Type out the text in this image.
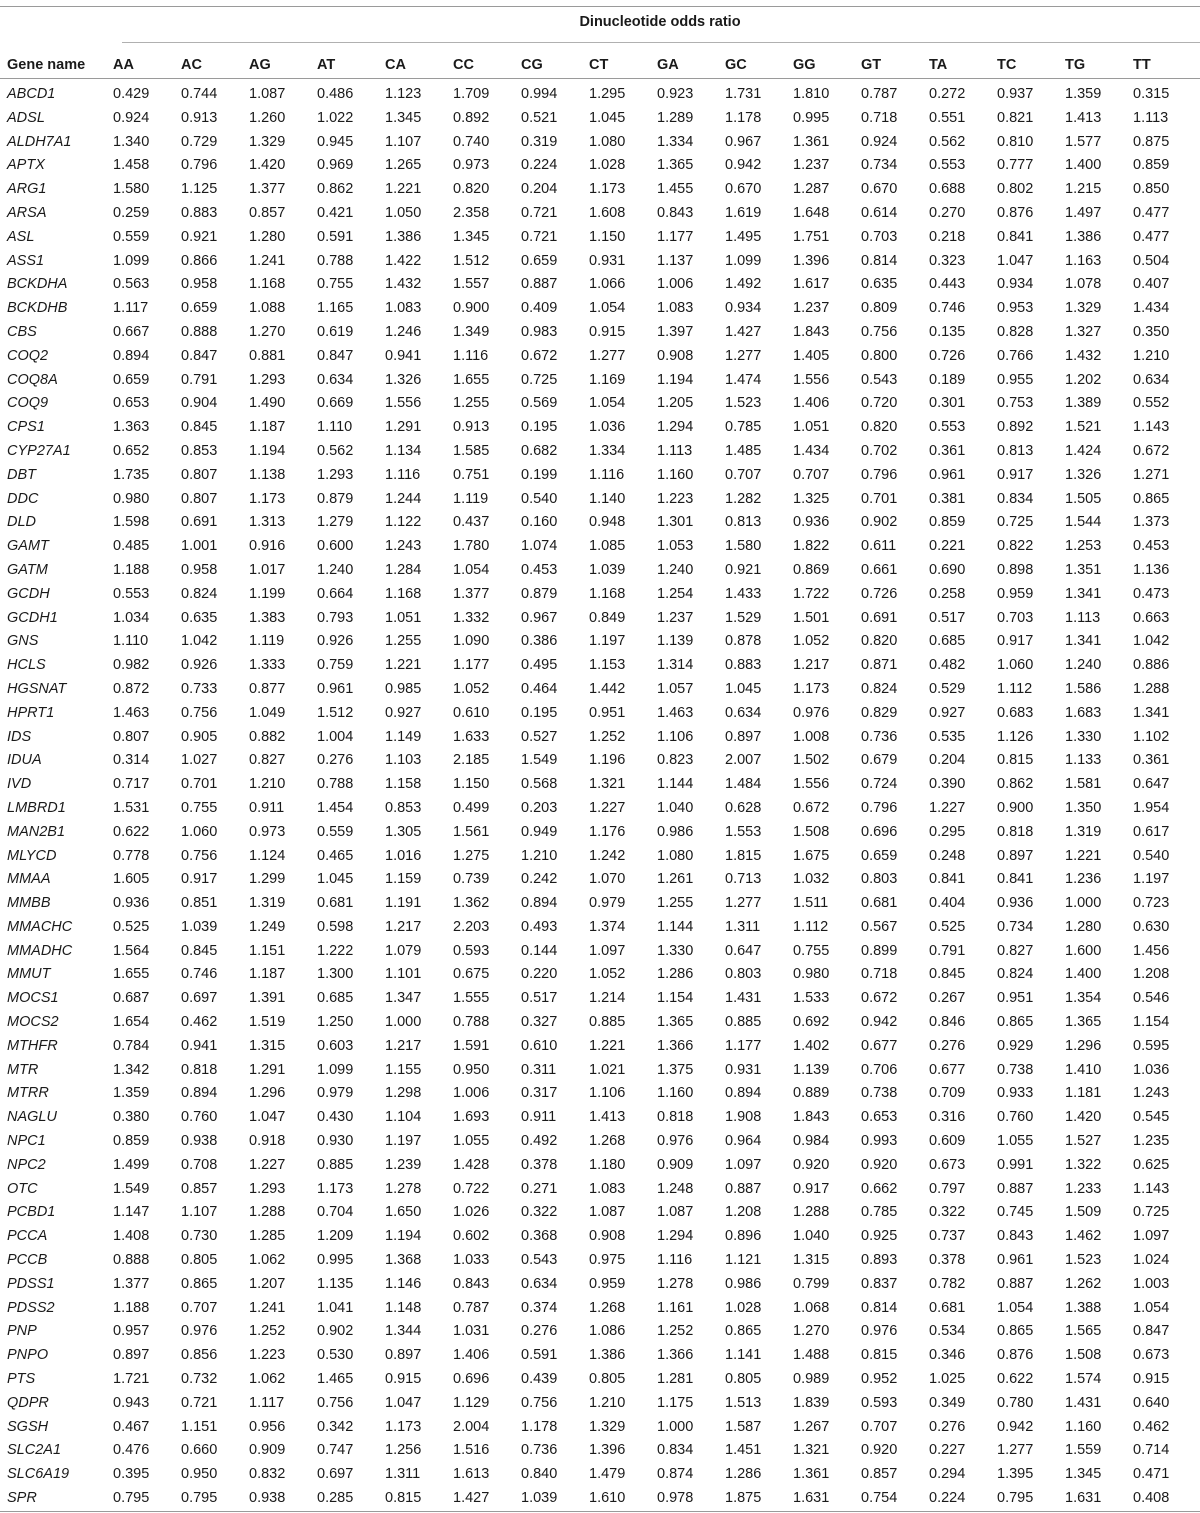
Dinucleotide odds ratio
Gene name	AA	AC	AG	AT	CA	CC	CG	CT	GA	GC	GG	GT	TA	TC	TG	TT
ABCD1	0.429	0.744	1.087	0.486	1.123	1.709	0.994	1.295	0.923	1.731	1.810	0.787	0.272	0.937	1.359	0.315
ADSL	0.924	0.913	1.260	1.022	1.345	0.892	0.521	1.045	1.289	1.178	0.995	0.718	0.551	0.821	1.413	1.113
ALDH7A1	1.340	0.729	1.329	0.945	1.107	0.740	0.319	1.080	1.334	0.967	1.361	0.924	0.562	0.810	1.577	0.875
APTX	1.458	0.796	1.420	0.969	1.265	0.973	0.224	1.028	1.365	0.942	1.237	0.734	0.553	0.777	1.400	0.859
ARG1	1.580	1.125	1.377	0.862	1.221	0.820	0.204	1.173	1.455	0.670	1.287	0.670	0.688	0.802	1.215	0.850
ARSA	0.259	0.883	0.857	0.421	1.050	2.358	0.721	1.608	0.843	1.619	1.648	0.614	0.270	0.876	1.497	0.477
ASL	0.559	0.921	1.280	0.591	1.386	1.345	0.721	1.150	1.177	1.495	1.751	0.703	0.218	0.841	1.386	0.477
ASS1	1.099	0.866	1.241	0.788	1.422	1.512	0.659	0.931	1.137	1.099	1.396	0.814	0.323	1.047	1.163	0.504
BCKDHA	0.563	0.958	1.168	0.755	1.432	1.557	0.887	1.066	1.006	1.492	1.617	0.635	0.443	0.934	1.078	0.407
BCKDHB	1.117	0.659	1.088	1.165	1.083	0.900	0.409	1.054	1.083	0.934	1.237	0.809	0.746	0.953	1.329	1.434
CBS	0.667	0.888	1.270	0.619	1.246	1.349	0.983	0.915	1.397	1.427	1.843	0.756	0.135	0.828	1.327	0.350
COQ2	0.894	0.847	0.881	0.847	0.941	1.116	0.672	1.277	0.908	1.277	1.405	0.800	0.726	0.766	1.432	1.210
COQ8A	0.659	0.791	1.293	0.634	1.326	1.655	0.725	1.169	1.194	1.474	1.556	0.543	0.189	0.955	1.202	0.634
COQ9	0.653	0.904	1.490	0.669	1.556	1.255	0.569	1.054	1.205	1.523	1.406	0.720	0.301	0.753	1.389	0.552
CPS1	1.363	0.845	1.187	1.110	1.291	0.913	0.195	1.036	1.294	0.785	1.051	0.820	0.553	0.892	1.521	1.143
CYP27A1	0.652	0.853	1.194	0.562	1.134	1.585	0.682	1.334	1.113	1.485	1.434	0.702	0.361	0.813	1.424	0.672
DBT	1.735	0.807	1.138	1.293	1.116	0.751	0.199	1.116	1.160	0.707	0.707	0.796	0.961	0.917	1.326	1.271
DDC	0.980	0.807	1.173	0.879	1.244	1.119	0.540	1.140	1.223	1.282	1.325	0.701	0.381	0.834	1.505	0.865
DLD	1.598	0.691	1.313	1.279	1.122	0.437	0.160	0.948	1.301	0.813	0.936	0.902	0.859	0.725	1.544	1.373
GAMT	0.485	1.001	0.916	0.600	1.243	1.780	1.074	1.085	1.053	1.580	1.822	0.611	0.221	0.822	1.253	0.453
GATM	1.188	0.958	1.017	1.240	1.284	1.054	0.453	1.039	1.240	0.921	0.869	0.661	0.690	0.898	1.351	1.136
GCDH	0.553	0.824	1.199	0.664	1.168	1.377	0.879	1.168	1.254	1.433	1.722	0.726	0.258	0.959	1.341	0.473
GCDH1	1.034	0.635	1.383	0.793	1.051	1.332	0.967	0.849	1.237	1.529	1.501	0.691	0.517	0.703	1.113	0.663
GNS	1.110	1.042	1.119	0.926	1.255	1.090	0.386	1.197	1.139	0.878	1.052	0.820	0.685	0.917	1.341	1.042
HCLS	0.982	0.926	1.333	0.759	1.221	1.177	0.495	1.153	1.314	0.883	1.217	0.871	0.482	1.060	1.240	0.886
HGSNAT	0.872	0.733	0.877	0.961	0.985	1.052	0.464	1.442	1.057	1.045	1.173	0.824	0.529	1.112	1.586	1.288
HPRT1	1.463	0.756	1.049	1.512	0.927	0.610	0.195	0.951	1.463	0.634	0.976	0.829	0.927	0.683	1.683	1.341
IDS	0.807	0.905	0.882	1.004	1.149	1.633	0.527	1.252	1.106	0.897	1.008	0.736	0.535	1.126	1.330	1.102
IDUA	0.314	1.027	0.827	0.276	1.103	2.185	1.549	1.196	0.823	2.007	1.502	0.679	0.204	0.815	1.133	0.361
IVD	0.717	0.701	1.210	0.788	1.158	1.150	0.568	1.321	1.144	1.484	1.556	0.724	0.390	0.862	1.581	0.647
LMBRD1	1.531	0.755	0.911	1.454	0.853	0.499	0.203	1.227	1.040	0.628	0.672	0.796	1.227	0.900	1.350	1.954
MAN2B1	0.622	1.060	0.973	0.559	1.305	1.561	0.949	1.176	0.986	1.553	1.508	0.696	0.295	0.818	1.319	0.617
MLYCD	0.778	0.756	1.124	0.465	1.016	1.275	1.210	1.242	1.080	1.815	1.675	0.659	0.248	0.897	1.221	0.540
MMAA	1.605	0.917	1.299	1.045	1.159	0.739	0.242	1.070	1.261	0.713	1.032	0.803	0.841	0.841	1.236	1.197
MMBB	0.936	0.851	1.319	0.681	1.191	1.362	0.894	0.979	1.255	1.277	1.511	0.681	0.404	0.936	1.000	0.723
MMACHC	0.525	1.039	1.249	0.598	1.217	2.203	0.493	1.374	1.144	1.311	1.112	0.567	0.525	0.734	1.280	0.630
MMADHC	1.564	0.845	1.151	1.222	1.079	0.593	0.144	1.097	1.330	0.647	0.755	0.899	0.791	0.827	1.600	1.456
MMUT	1.655	0.746	1.187	1.300	1.101	0.675	0.220	1.052	1.286	0.803	0.980	0.718	0.845	0.824	1.400	1.208
MOCS1	0.687	0.697	1.391	0.685	1.347	1.555	0.517	1.214	1.154	1.431	1.533	0.672	0.267	0.951	1.354	0.546
MOCS2	1.654	0.462	1.519	1.250	1.000	0.788	0.327	0.885	1.365	0.885	0.692	0.942	0.846	0.865	1.365	1.154
MTHFR	0.784	0.941	1.315	0.603	1.217	1.591	0.610	1.221	1.366	1.177	1.402	0.677	0.276	0.929	1.296	0.595
MTR	1.342	0.818	1.291	1.099	1.155	0.950	0.311	1.021	1.375	0.931	1.139	0.706	0.677	0.738	1.410	1.036
MTRR	1.359	0.894	1.296	0.979	1.298	1.006	0.317	1.106	1.160	0.894	0.889	0.738	0.709	0.933	1.181	1.243
NAGLU	0.380	0.760	1.047	0.430	1.104	1.693	0.911	1.413	0.818	1.908	1.843	0.653	0.316	0.760	1.420	0.545
NPC1	0.859	0.938	0.918	0.930	1.197	1.055	0.492	1.268	0.976	0.964	0.984	0.993	0.609	1.055	1.527	1.235
NPC2	1.499	0.708	1.227	0.885	1.239	1.428	0.378	1.180	0.909	1.097	0.920	0.920	0.673	0.991	1.322	0.625
OTC	1.549	0.857	1.293	1.173	1.278	0.722	0.271	1.083	1.248	0.887	0.917	0.662	0.797	0.887	1.233	1.143
PCBD1	1.147	1.107	1.288	0.704	1.650	1.026	0.322	1.087	1.087	1.208	1.288	0.785	0.322	0.745	1.509	0.725
PCCA	1.408	0.730	1.285	1.209	1.194	0.602	0.368	0.908	1.294	0.896	1.040	0.925	0.737	0.843	1.462	1.097
PCCB	0.888	0.805	1.062	0.995	1.368	1.033	0.543	0.975	1.116	1.121	1.315	0.893	0.378	0.961	1.523	1.024
PDSS1	1.377	0.865	1.207	1.135	1.146	0.843	0.634	0.959	1.278	0.986	0.799	0.837	0.782	0.887	1.262	1.003
PDSS2	1.188	0.707	1.241	1.041	1.148	0.787	0.374	1.268	1.161	1.028	1.068	0.814	0.681	1.054	1.388	1.054
PNP	0.957	0.976	1.252	0.902	1.344	1.031	0.276	1.086	1.252	0.865	1.270	0.976	0.534	0.865	1.565	0.847
PNPO	0.897	0.856	1.223	0.530	0.897	1.406	0.591	1.386	1.366	1.141	1.488	0.815	0.346	0.876	1.508	0.673
PTS	1.721	0.732	1.062	1.465	0.915	0.696	0.439	0.805	1.281	0.805	0.989	0.952	1.025	0.622	1.574	0.915
QDPR	0.943	0.721	1.117	0.756	1.047	1.129	0.756	1.210	1.175	1.513	1.839	0.593	0.349	0.780	1.431	0.640
SGSH	0.467	1.151	0.956	0.342	1.173	2.004	1.178	1.329	1.000	1.587	1.267	0.707	0.276	0.942	1.160	0.462
SLC2A1	0.476	0.660	0.909	0.747	1.256	1.516	0.736	1.396	0.834	1.451	1.321	0.920	0.227	1.277	1.559	0.714
SLC6A19	0.395	0.950	0.832	0.697	1.311	1.613	0.840	1.479	0.874	1.286	1.361	0.857	0.294	1.395	1.345	0.471
SPR	0.795	0.795	0.938	0.285	0.815	1.427	1.039	1.610	0.978	1.875	1.631	0.754	0.224	0.795	1.631	0.408
